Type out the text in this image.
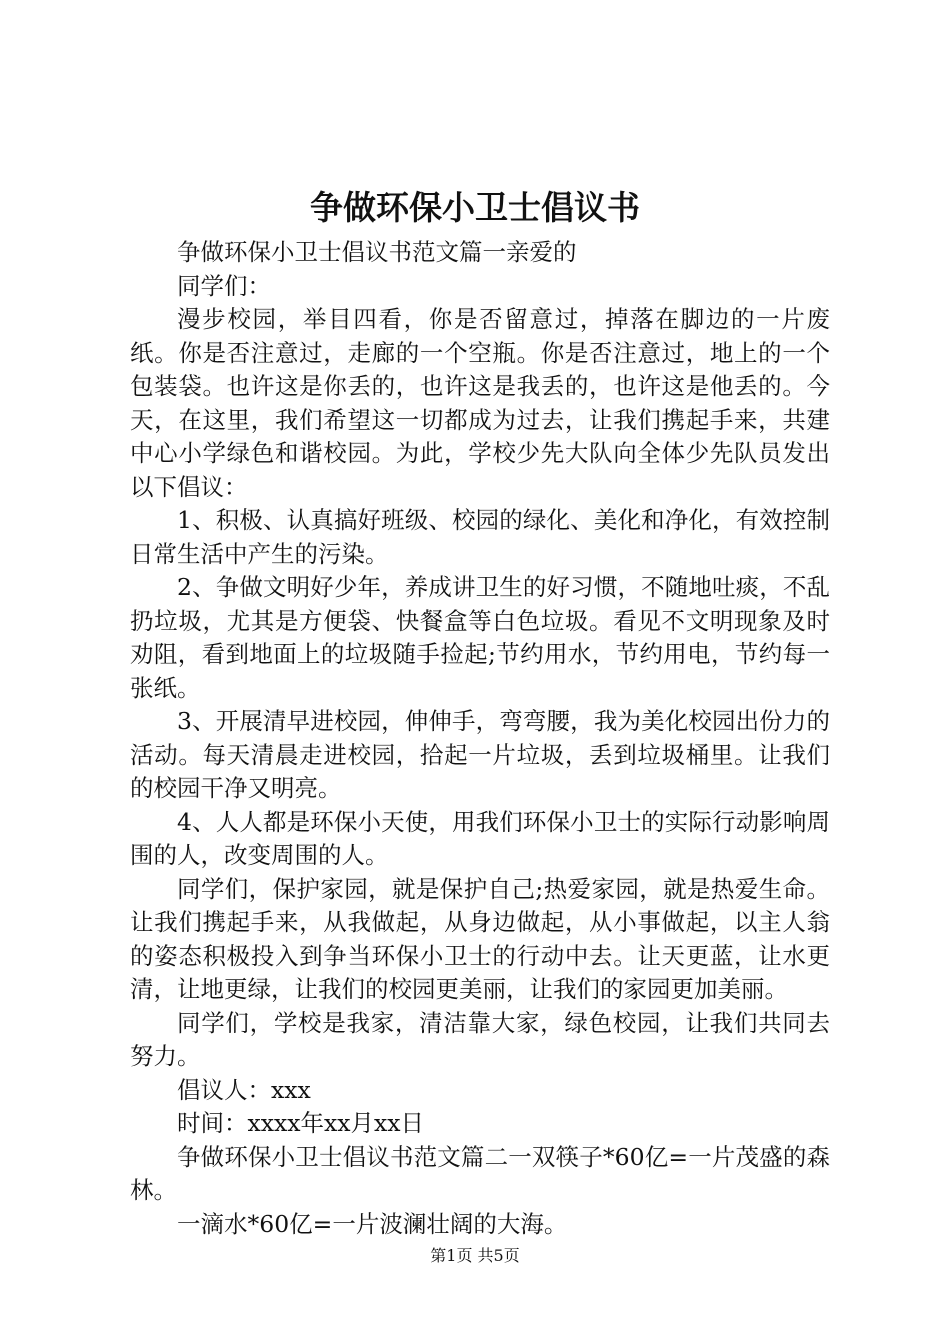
争做环保小卫士倡议书

争做环保小卫士倡议书范文篇一亲爱的

同学们：

漫步校园，举目四看，你是否留意过，掉落在脚边的一片废纸。你是否注意过，走廊的一个空瓶。你是否注意过，地上的一个包装袋。也许这是你丢的，也许这是我丢的，也许这是他丢的。今天，在这里，我们希望这一切都成为过去，让我们携起手来，共建中心小学绿色和谐校园。为此，学校少先大队向全体少先队员发出以下倡议：

1、积极、认真搞好班级、校园的绿化、美化和净化，有效控制日常生活中产生的污染。

2、争做文明好少年，养成讲卫生的好习惯，不随地吐痰，不乱扔垃圾，尤其是方便袋、快餐盒等白色垃圾。看见不文明现象及时劝阻，看到地面上的垃圾随手捡起;节约用水，节约用电，节约每一张纸。

3、开展清早进校园，伸伸手，弯弯腰，我为美化校园出份力的活动。每天清晨走进校园，拾起一片垃圾，丢到垃圾桶里。让我们的校园干净又明亮。

4、人人都是环保小天使，用我们环保小卫士的实际行动影响周围的人，改变周围的人。

同学们，保护家园，就是保护自己;热爱家园，就是热爱生命。让我们携起手来，从我做起，从身边做起，从小事做起，以主人翁的姿态积极投入到争当环保小卫士的行动中去。让天更蓝，让水更清，让地更绿，让我们的校园更美丽，让我们的家园更加美丽。

同学们，学校是我家，清洁靠大家，绿色校园，让我们共同去努力。

倡议人：xxx

时间：xxxx年xx月xx日

争做环保小卫士倡议书范文篇二一双筷子*60亿=一片茂盛的森林。

一滴水*60亿=一片波澜壮阔的大海。

第1页 共5页
